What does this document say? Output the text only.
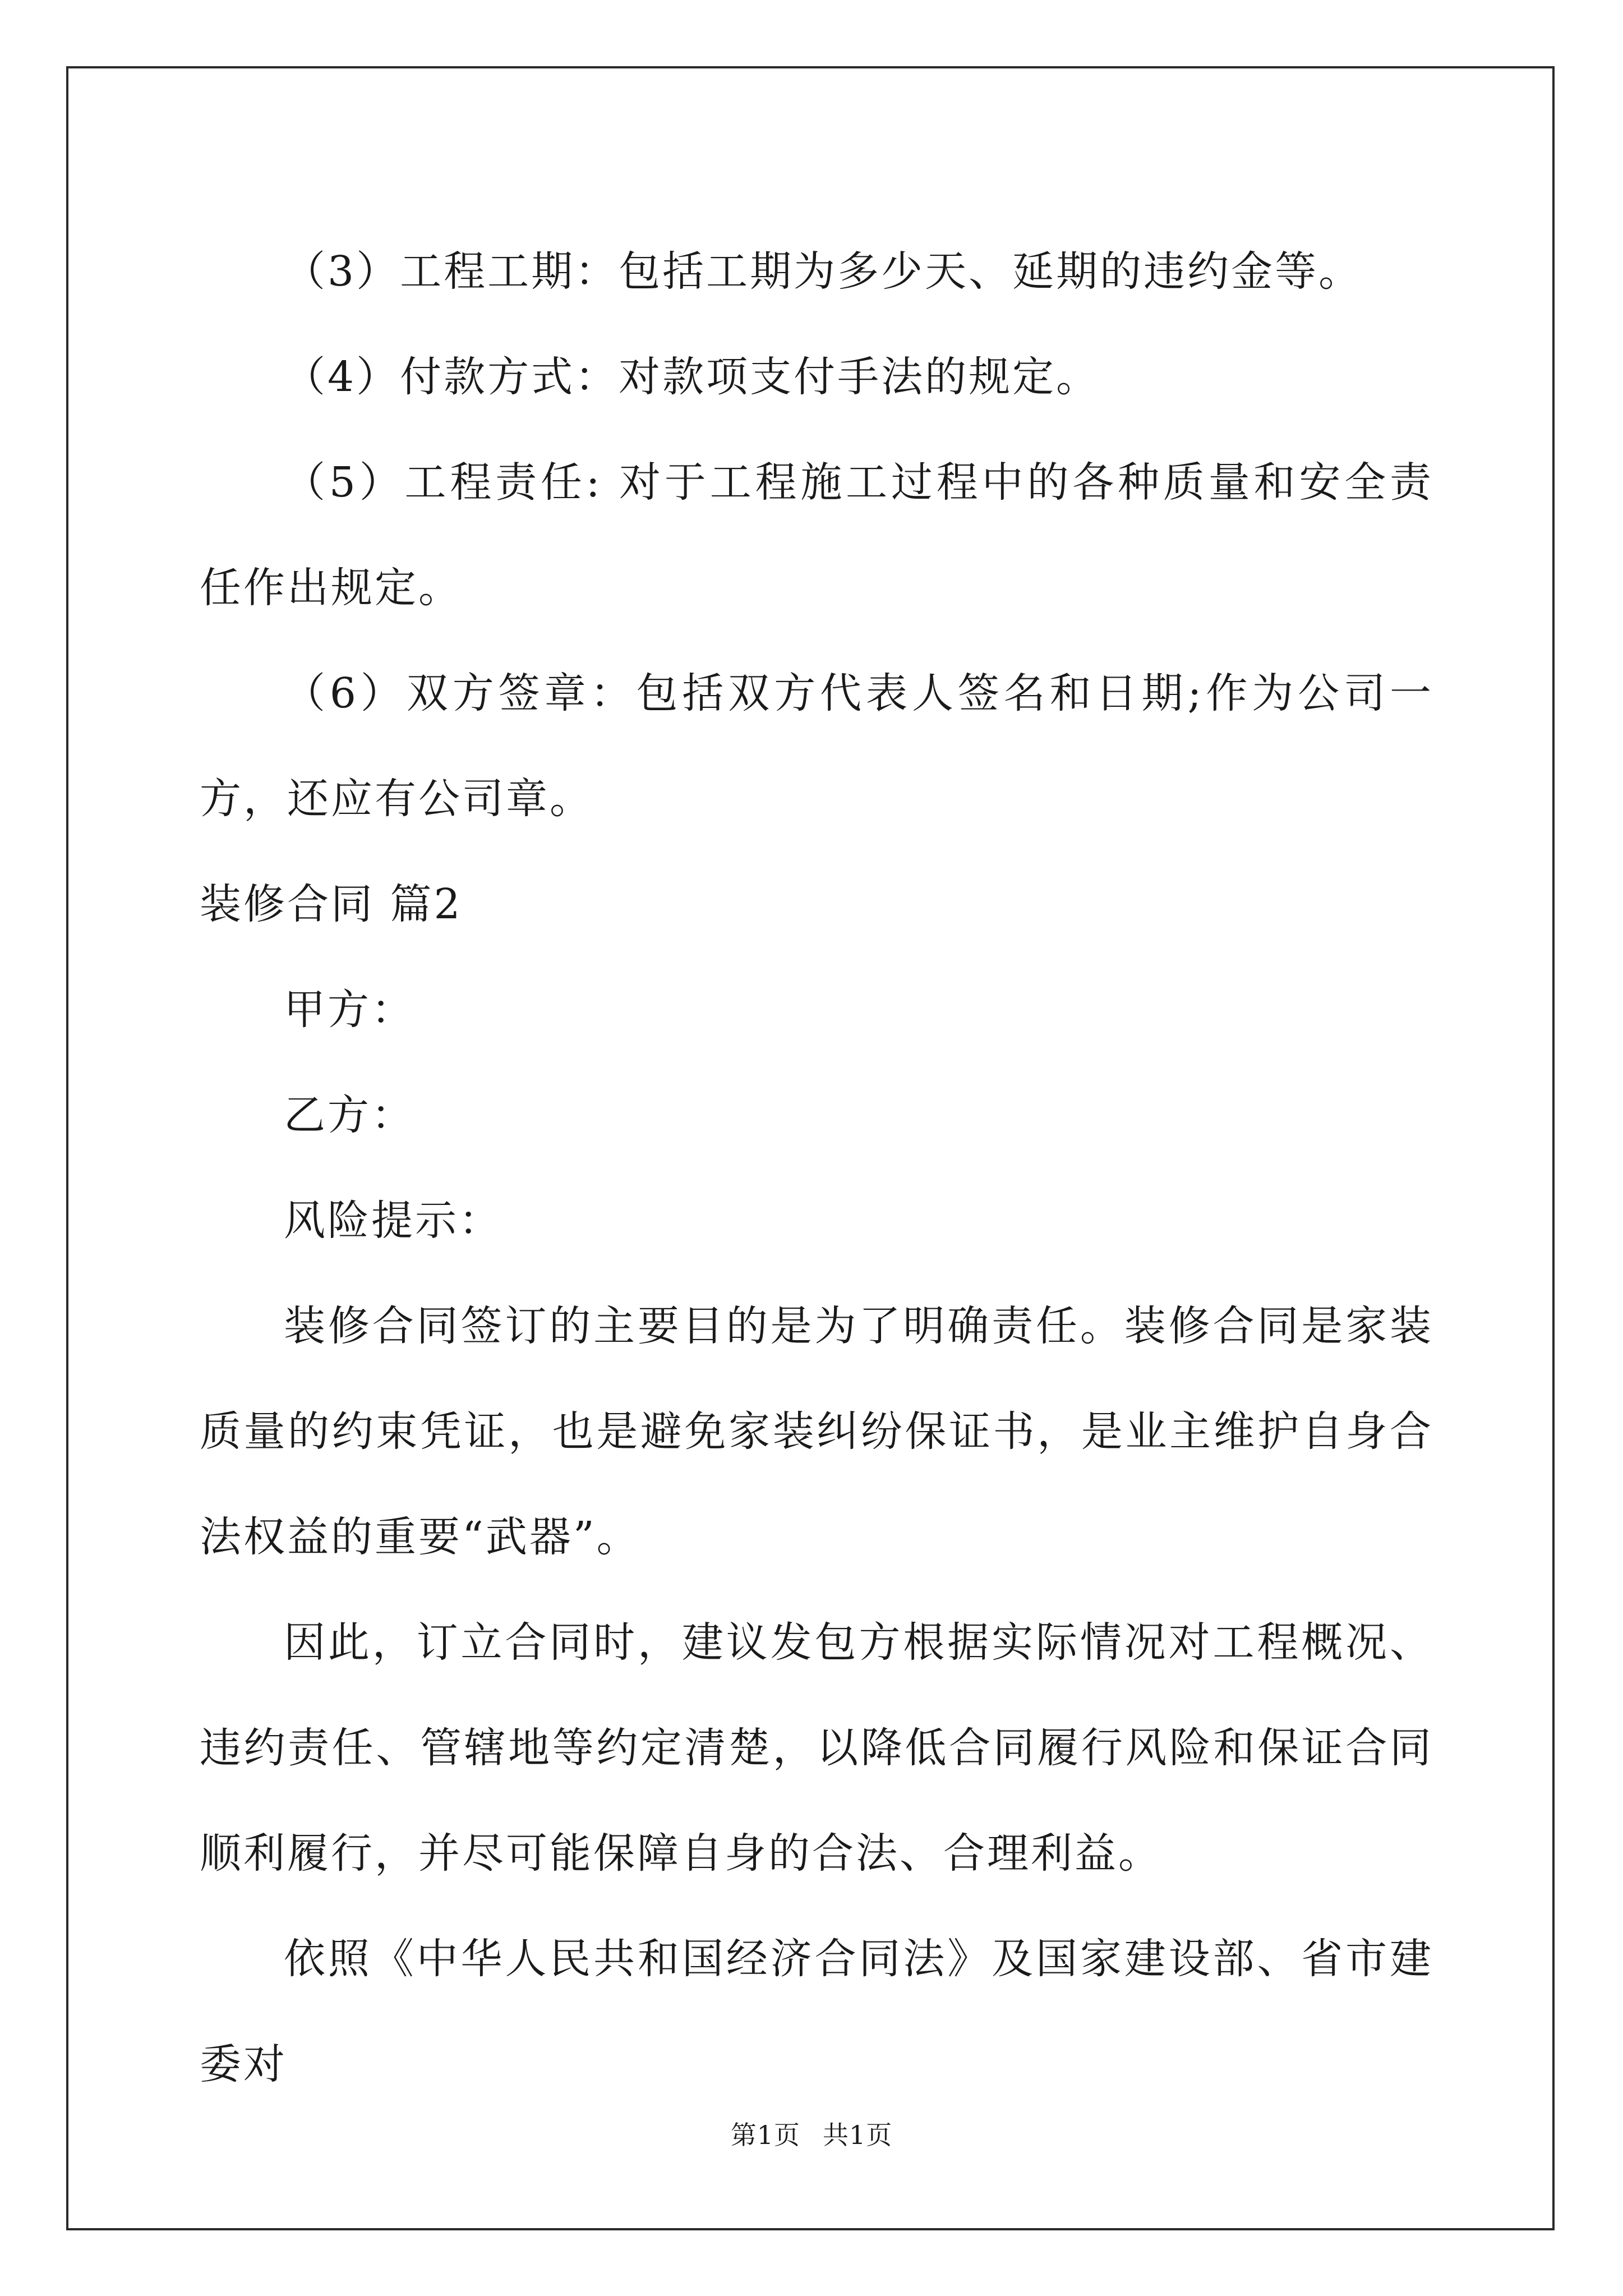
（3）工程工期：包括工期为多少天、延期的违约金等。

（4）付款方式：对款项支付手法的规定。

（5）工程责任: 对于工程施工过程中的各种质量和安全责任作出规定。

（6）双方签章：包括双方代表人签名和日期;作为公司一方，还应有公司章。

装修合同 篇2

甲方：

乙方：

风险提示：

装修合同签订的主要目的是为了明确责任。装修合同是家装质量的约束凭证，也是避免家装纠纷保证书，是业主维护自身合法权益的重要“武器”。

因此，订立合同时，建议发包方根据实际情况对工程概况、违约责任、管辖地等约定清楚，以降低合同履行风险和保证合同顺利履行，并尽可能保障自身的合法、合理利益。

依照《中华人民共和国经济合同法》及国家建设部、省市建委对

第1页 共1页
